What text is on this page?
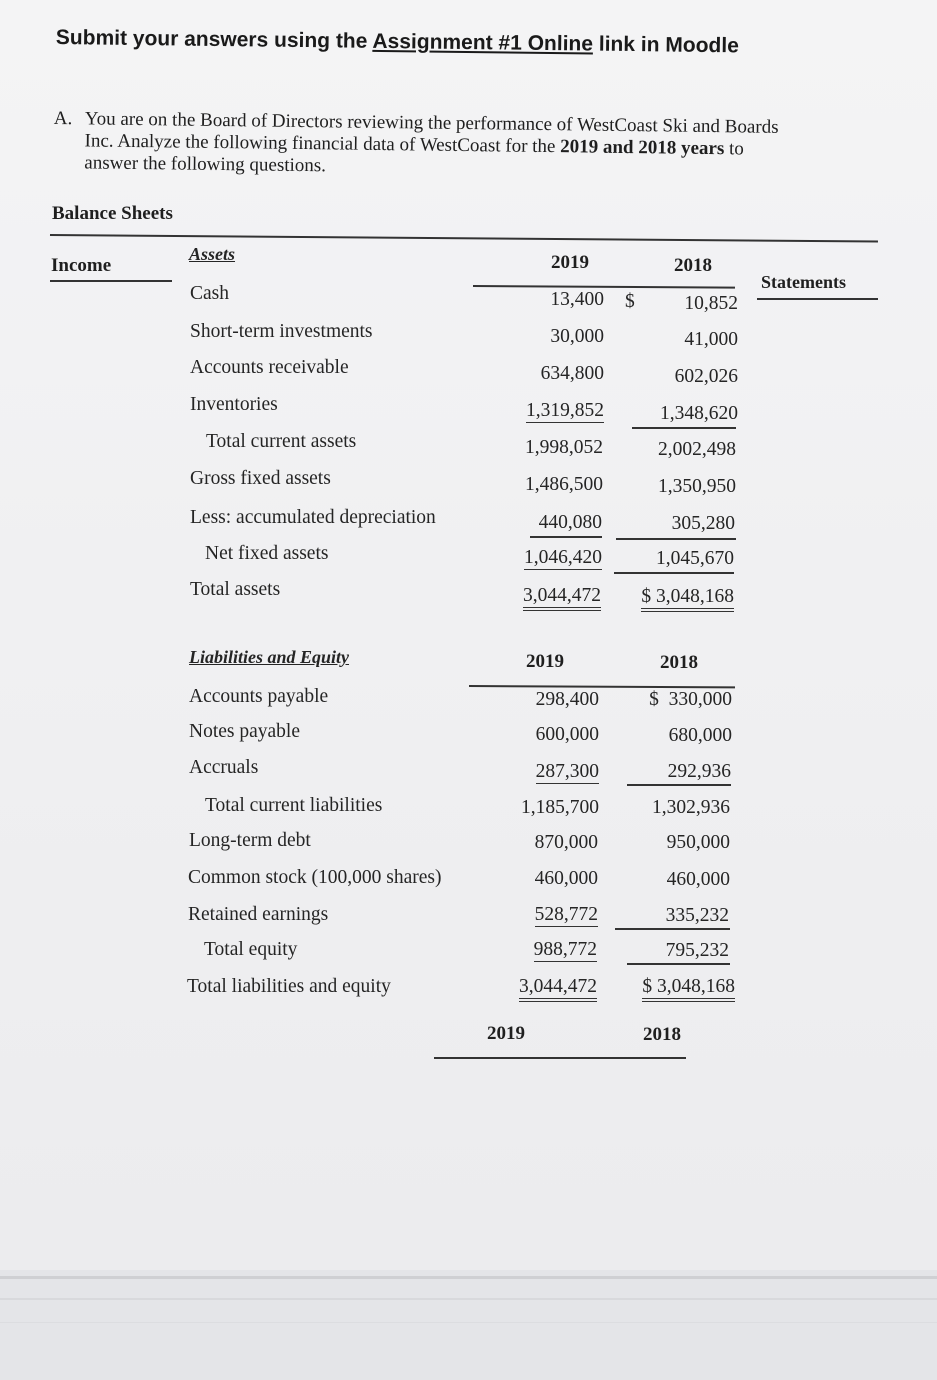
Submit your answers using the Assignment #1 Online link in Moodle
A. You are on the Board of Directors reviewing the performance of WestCoast Ski and Boards
Inc. Analyze the following financial data of WestCoast for the 2019 and 2018 years to
answer the following questions.
Balance Sheets
Income
Statements
Assets	2019	2018
Cash	13,400 $	10,852
Short-term investments	30,000	41,000
Accounts receivable	634,800	602,026
Inventories	1,319,852	1,348,620
Total current assets	1,998,052	2,002,498
Gross fixed assets	1,486,500	1,350,950
Less: accumulated depreciation	440,080	305,280
Net fixed assets	1,046,420	1,045,670
Total assets	3,044,472 $ 3,048,168
Liabilities and Equity	2019	2018
Accounts payable	298,400	$  330,000
Notes payable	600,000	680,000
Accruals	287,300	292,936
Total current liabilities	1,185,700	1,302,936
Long-term debt	870,000	950,000
Common stock (100,000 shares)	460,000	460,000
Retained earnings	528,772	335,232
Total equity	988,772	795,232
Total liabilities and equity	3,044,472 $ 3,048,168
2019	2018
